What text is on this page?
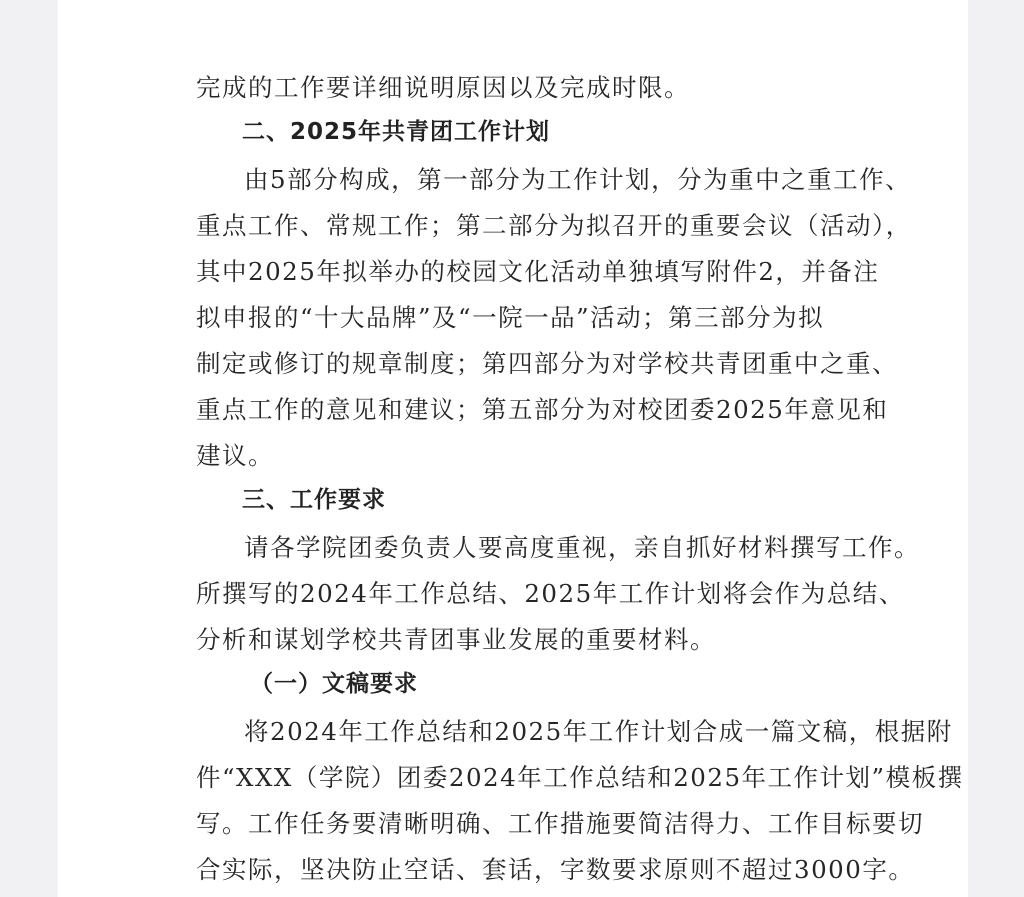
完成的工作要详细说明原因以及完成时限。
二、2025年共青团工作计划
由5部分构成，第一部分为工作计划，分为重中之重工作、
重点工作、常规工作；第二部分为拟召开的重要会议（活动），
其中2025年拟举办的校园文化活动单独填写附件2，并备注
拟申报的“十大品牌”及“一院一品”活动；第三部分为拟
制定或修订的规章制度；第四部分为对学校共青团重中之重、
重点工作的意见和建议；第五部分为对校团委2025年意见和
建议。
三、工作要求
请各学院团委负责人要高度重视，亲自抓好材料撰写工作。
所撰写的2024年工作总结、2025年工作计划将会作为总结、
分析和谋划学校共青团事业发展的重要材料。
（一）文稿要求
将2024年工作总结和2025年工作计划合成一篇文稿，根据附
件“XXX（学院）团委2024年工作总结和2025年工作计划”模板撰
写。工作任务要清晰明确、工作措施要简洁得力、工作目标要切
合实际，坚决防止空话、套话，字数要求原则不超过3000字。
